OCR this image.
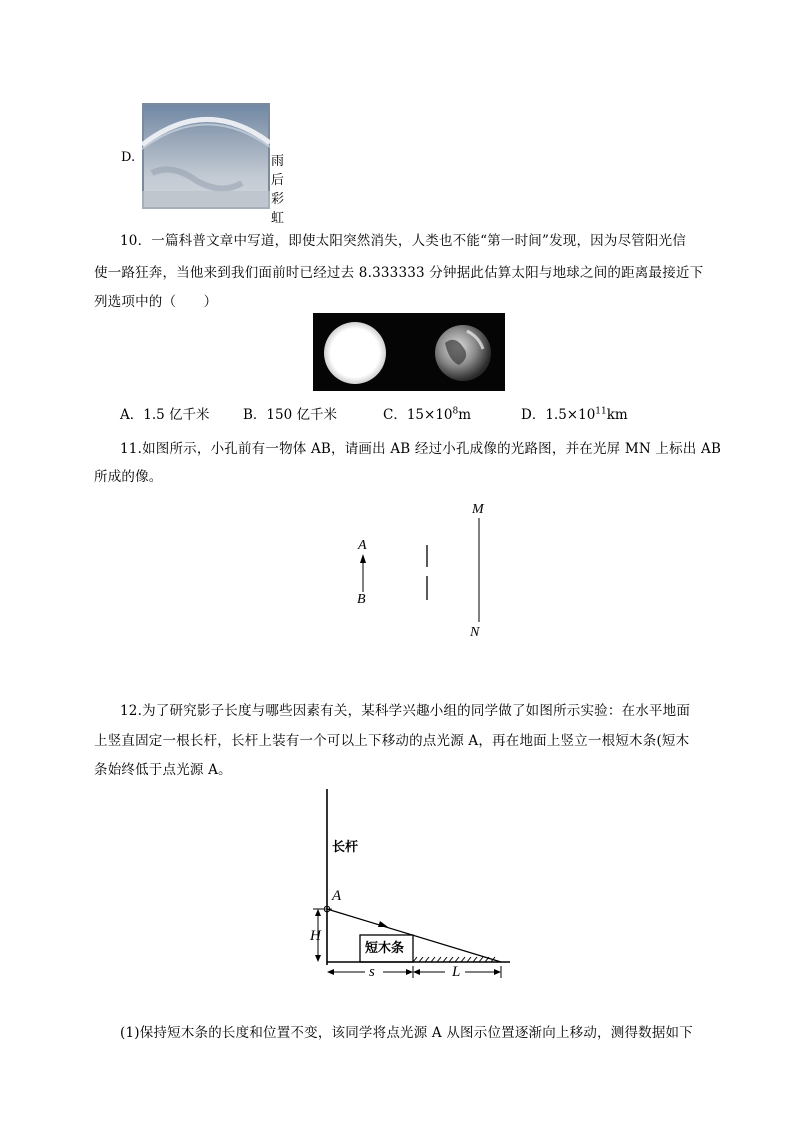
D.	雨后彩虹
10．一篇科普文章中写道，即使太阳突然消失，人类也不能“第一时间”发现，因为尽管阳光信
使一路狂奔，当他来到我们面前时已经过去 8.333333 分钟据此估算太阳与地球之间的距离最接近下
列选项中的（　　）
A．1.5 亿千米 B．150 亿千米	C．$15\times 10^8m$	D．$1.5\times 10^{11}km$
11.如图所示，小孔前有一物体 AB，请画出 AB 经过小孔成像的光路图，并在光屏 MN 上标出 AB
所成的像。
A
B
M
N
12.为了研究影子长度与哪些因素有关，某科学兴趣小组的同学做了如图所示实验：在水平地面
上竖直固定一根长杆，长杆上装有一个可以上下移动的点光源 A，再在地面上竖立一根短木条(短木
条始终低于点光源 A。
长杆
短木条
A
H
s	L
(1)保持短木条的长度和位置不变，该同学将点光源 A 从图示位置逐渐向上移动，测得数据如下
